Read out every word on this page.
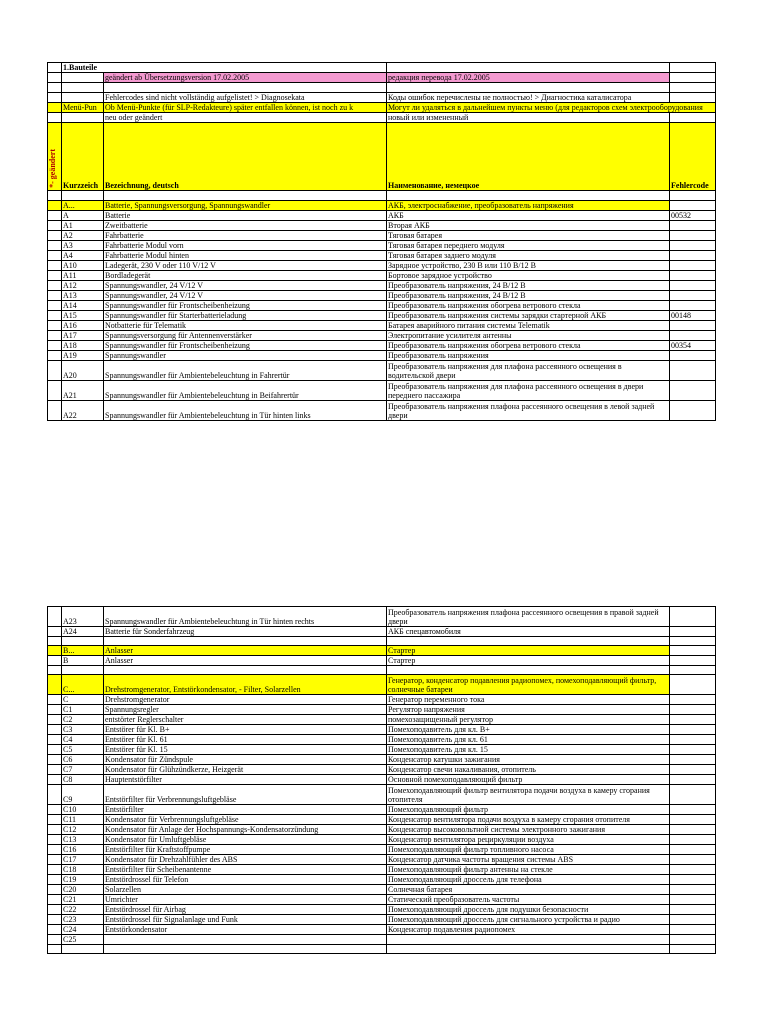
	1.Bauteile			
		geändert ab Übersetzungsversion 17.02.2005	редакция перевода 17.02.2005	

		Fehlercodes sind nicht vollständig aufgelistet! > Diagnosekata	Коды ошибок перечислены не полностью! > Диагностика каталисатора	
	Menü-Pun	Ob Menü-Punkte (für SLP-Redakteure) später entfallen können, ist noch zu k	Могут ли удаляться в дальнейшем пункты меню (для редакторов схем электрооборудования	
		neu oder geändert	новый или измененный	
*- geändert	Kurzzeich	Bezeichnung, deutsch	Наименование, немецкое	Fehlercode

	A...	Batterie, Spannungsversorgung, Spannungswandler	АКБ, электроснабжение, преобразователь напряжения	
	A	Batterie	АКБ	00532
	A1	Zweitbatterie	Вторая АКБ	
	A2	Fahrbatterie	Тяговая батарея	
	A3	Fahrbatterie Modul vorn	Тяговая батарея переднего модуля	
	A4	Fahrbatterie Modul hinten	Тяговая батарея заднего модуля	
	A10	Ladegerät, 230 V oder 110 V/12 V	Зарядное устройство, 230 В или 110 В/12 В	
	A11	Bordladegerät	Бортовое зарядное устройство	
	A12	Spannungswandler, 24 V/12 V	Преобразователь напряжения, 24 В/12 В	
	A13	Spannungswandler, 24 V/12 V	Преобразователь напряжения, 24 В/12 В	
	A14	Spannungswandler für Frontscheibenheizung	Преобразователь напряжения обогрева ветрового стекла	
	A15	Spannungswandler für Starterbatterieladung	Преобразователь напряжения системы зарядки стартерной АКБ	00148
	A16	Notbatterie für Telematik	Батарея аварийного питания системы Telematik	
	A17	Spannungsversorgung für Antennenverstärker	Электропитание усилителя антенны	
	A18	Spannungswandler für Frontscheibenheizung	Преобразователь напряжения обогрева ветрового стекла	00354
	A19	Spannungswandler	Преобразователь напряжения	
	A20	Spannungswandler für Ambientebeleuchtung in Fahrertür	Преобразователь напряжения для плафона рассеянного освещения в водительской двери	
	A21	Spannungswandler für Ambientebeleuchtung in Beifahrertür	Преобразователь напряжения для плафона рассеянного освещения в двери переднего пассажира	
	A22	Spannungswandler für Ambientebeleuchtung in Tür hinten links	Преобразователь напряжения плафона рассеянного освещения в левой задней двери	
	A23	Spannungswandler für Ambientebeleuchtung in Tür hinten rechts	Преобразователь напряжения плафона рассеянного освещения в правой задней двери	
	A24	Batterie für Sonderfahrzeug	АКБ спецавтомобиля	

	B...	Anlasser	Стартер	
	B	Anlasser	Стартер	

	C...	Drehstromgenerator, Entstörkondensator, - Filter, Solarzellen	Генератор, конденсатор подавления радиопомех, помехоподавляющий фильтр, солнечные батареи	
	C	Drehstromgenerator	Генератор переменного тока	
	C1	Spannungsregler	Регулятор напряжения	
	C2	entstörter Reglerschalter	помехозащищенный регулятор	
	C3	Entstörer für Kl. B+	Помехоподавитель для кл. B+	
	C4	Entstörer für Kl. 61	Помехоподавитель для кл. 61	
	C5	Entstörer für Kl. 15	Помехоподавитель для кл. 15	
	C6	Kondensator für Zündspule	Конденсатор катушки зажигания	
	C7	Kondensator für Glühzündkerze, Heizgerät	Конденсатор свечи накаливания, отопитель	
	C8	Hauptentstörfilter	Основной помехоподавляющий фильтр	
	C9	Entstörfilter für Verbrennungsluftgebläse	Помехоподавляющий фильтр вентилятора подачи воздуха в камеру сгорания отопителя	
	C10	Entstörfilter	Помехоподавляющий фильтр	
	C11	Kondensator für Verbrennungsluftgebläse	Конденсатор вентилятора подачи воздуха в камеру сгорания отопителя	
	C12	Kondensator für Anlage der Hochspannungs-Kondensatorzündung	Конденсатор высоковольтной системы электронного зажигания	
	C13	Kondensator für Umluftgebläse	Конденсатор вентилятора рециркуляции воздуха	
	C16	Entstörfilter für Kraftstoffpumpe	Помехоподавляющий фильтр топливного насоса	
	C17	Kondensator für Drehzahlfühler des ABS	Конденсатор датчика частоты вращения системы ABS	
	C18	Entstörfilter für Scheibenantenne	Помехоподавляющий фильтр антенны на стекле	
	C19	Entstördrossel für Telefon	Помехоподавляющий дроссель для телефона	
	C20	Solarzellen	Солнечная батарея	
	C21	Umrichter	Статический преобразователь частоты	
	C22	Entstördrossel für Airbag	Помехоподавляющий дроссель для подушки безопасности	
	C23	Entstördrossel für Signalanlage und Funk	Помехоподавляющий дроссель для сигнального устройства и радио	
	C24	Entstörkondensator	Конденсатор подавления радиопомех	
	C25			
